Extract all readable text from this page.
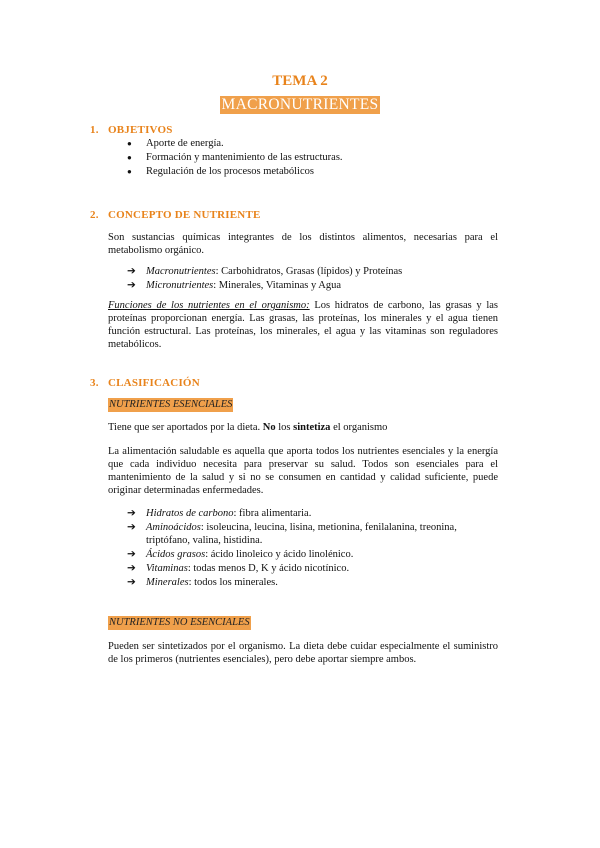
TEMA 2
MACRONUTRIENTES
1. OBJETIVOS
● Aporte de energía.
● Formación y mantenimiento de las estructuras.
● Regulación de los procesos metabólicos
2. CONCEPTO DE NUTRIENTE
Son sustancias químicas integrantes de los distintos alimentos, necesarias para el metabolismo orgánico.
➔ Macronutrientes: Carbohidratos, Grasas (lípidos) y Proteínas
➔ Micronutrientes: Minerales, Vitaminas y Agua
Funciones de los nutrientes en el organismo: Los hidratos de carbono, las grasas y las proteínas proporcionan energía. Las grasas, las proteínas, los minerales y el agua tienen función estructural. Las proteínas, los minerales, el agua y las vitaminas son reguladores metabólicos.
3. CLASIFICACIÓN
NUTRIENTES ESENCIALES
Tiene que ser aportados por la dieta. No los sintetiza el organismo
La alimentación saludable es aquella que aporta todos los nutrientes esenciales y la energía que cada individuo necesita para preservar su salud. Todos son esenciales para el mantenimiento de la salud y si no se consumen en cantidad y calidad suficiente, puede originar determinadas enfermedades.
➔ Hidratos de carbono: fibra alimentaria.
➔ Aminoácidos: isoleucina, leucina, lisina, metionina, fenilalanina, treonina, triptófano, valina, histidina.
➔ Ácidos grasos: ácido linoleico y ácido linolénico.
➔ Vitaminas: todas menos D, K y ácido nicotínico.
➔ Minerales: todos los minerales.
NUTRIENTES NO ESENCIALES
Pueden ser sintetizados por el organismo. La dieta debe cuidar especialmente el suministro de los primeros (nutrientes esenciales), pero debe aportar siempre ambos.
